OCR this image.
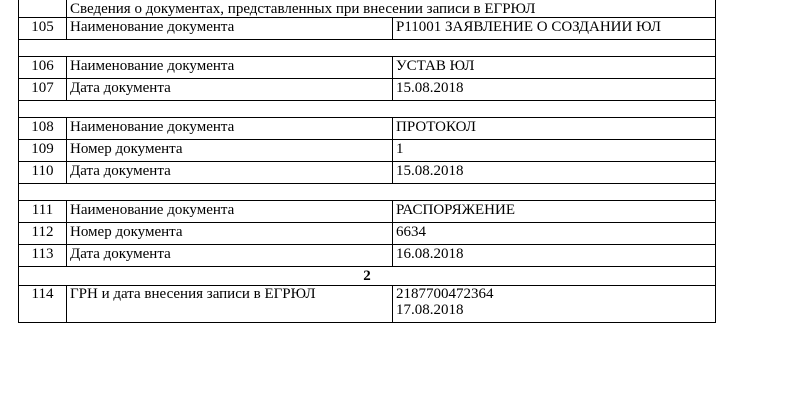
	Сведения о документах, представленных при внесении записи в ЕГРЮЛ	
105	Наименование документа	Р11001 ЗАЯВЛЕНИЕ О СОЗДАНИИ ЮЛ

106	Наименование документа	УСТАВ ЮЛ
107	Дата документа	15.08.2018

108	Наименование документа	ПРОТОКОЛ
109	Номер документа	1
110	Дата документа	15.08.2018

111	Наименование документа	РАСПОРЯЖЕНИЕ
112	Номер документа	6634
113	Дата документа	16.08.2018
2		
114	ГРН и дата внесения записи в ЕГРЮЛ	2187700472364
17.08.2018
